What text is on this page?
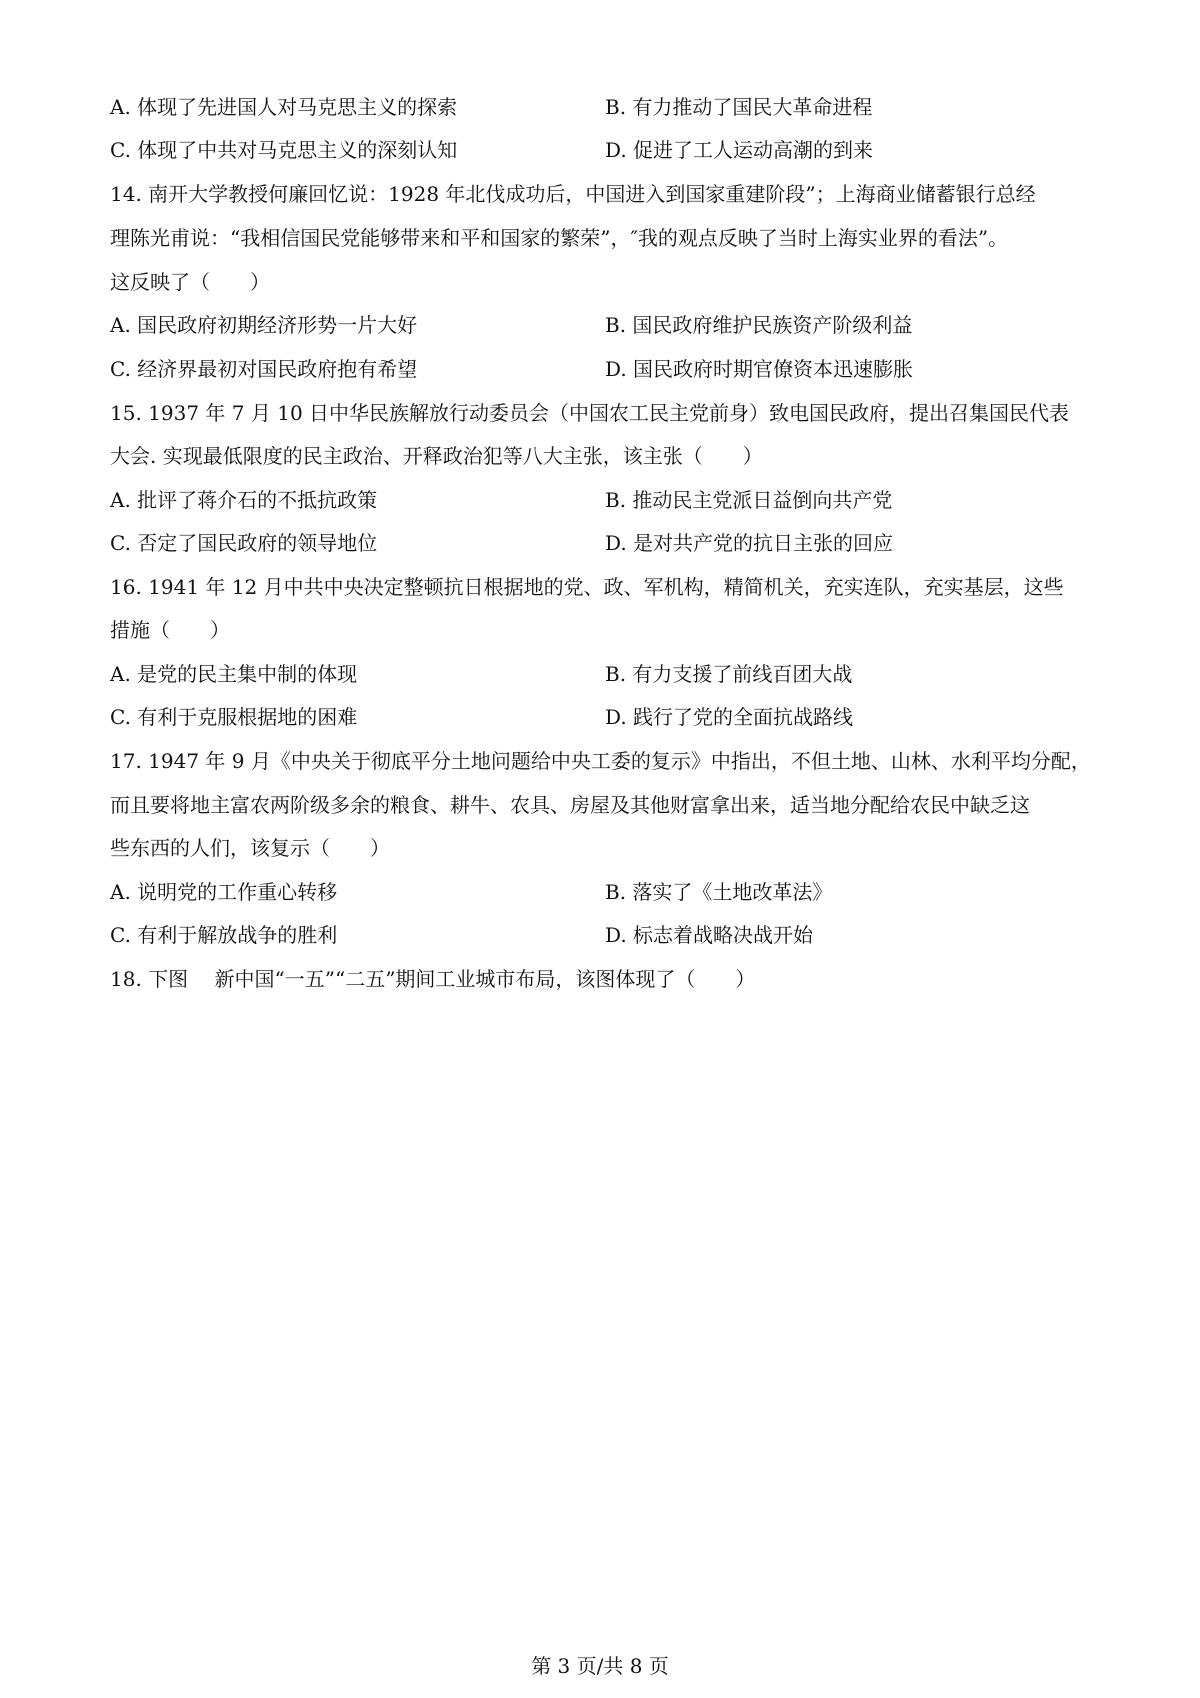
A. 体现了先进国人对马克思主义的探索	B. 有力推动了国民大革命进程
C. 体现了中共对马克思主义的深刻认知	D. 促进了工人运动高潮的到来
14. 南开大学教授何廉回忆说：1928 年北伐成功后，中国进入到国家重建阶段”；上海商业储蓄银行总经
理陈光甫说：“我相信国民党能够带来和平和国家的繁荣”，″我的观点反映了当时上海实业界的看法”。
这反映了（　　）
A. 国民政府初期经济形势一片大好	B. 国民政府维护民族资产阶级利益
C. 经济界最初对国民政府抱有希望	D. 国民政府时期官僚资本迅速膨胀
15. 1937 年 7 月 10 日中华民族解放行动委员会（中国农工民主党前身）致电国民政府，提出召集国民代表
大会. 实现最低限度的民主政治、开释政治犯等八大主张，该主张（　　）
A. 批评了蒋介石的不抵抗政策	B. 推动民主党派日益倒向共产党
C. 否定了国民政府的领导地位	D. 是对共产党的抗日主张的回应
16. 1941 年 12 月中共中央决定整顿抗日根据地的党、政、军机构，精简机关，充实连队，充实基层，这些
措施（　　）
A. 是党的民主集中制的体现	B. 有力支援了前线百团大战
C. 有利于克服根据地的困难	D. 践行了党的全面抗战路线
17. 1947 年 9 月《中央关于彻底平分土地问题给中央工委的复示》中指出，不但土地、山林、水利平均分配，
而且要将地主富农两阶级多余的粮食、耕牛、农具、房屋及其他财富拿出来，适当地分配给农民中缺乏这
些东西的人们，该复示（　　）
A. 说明党的工作重心转移	B. 落实了《土地改革法》
C. 有利于解放战争的胜利	D. 标志着战略决战开始
18. 下图　 新中国“一五”“二五”期间工业城市布局，该图体现了（　　）
第 3 页/共 8 页
